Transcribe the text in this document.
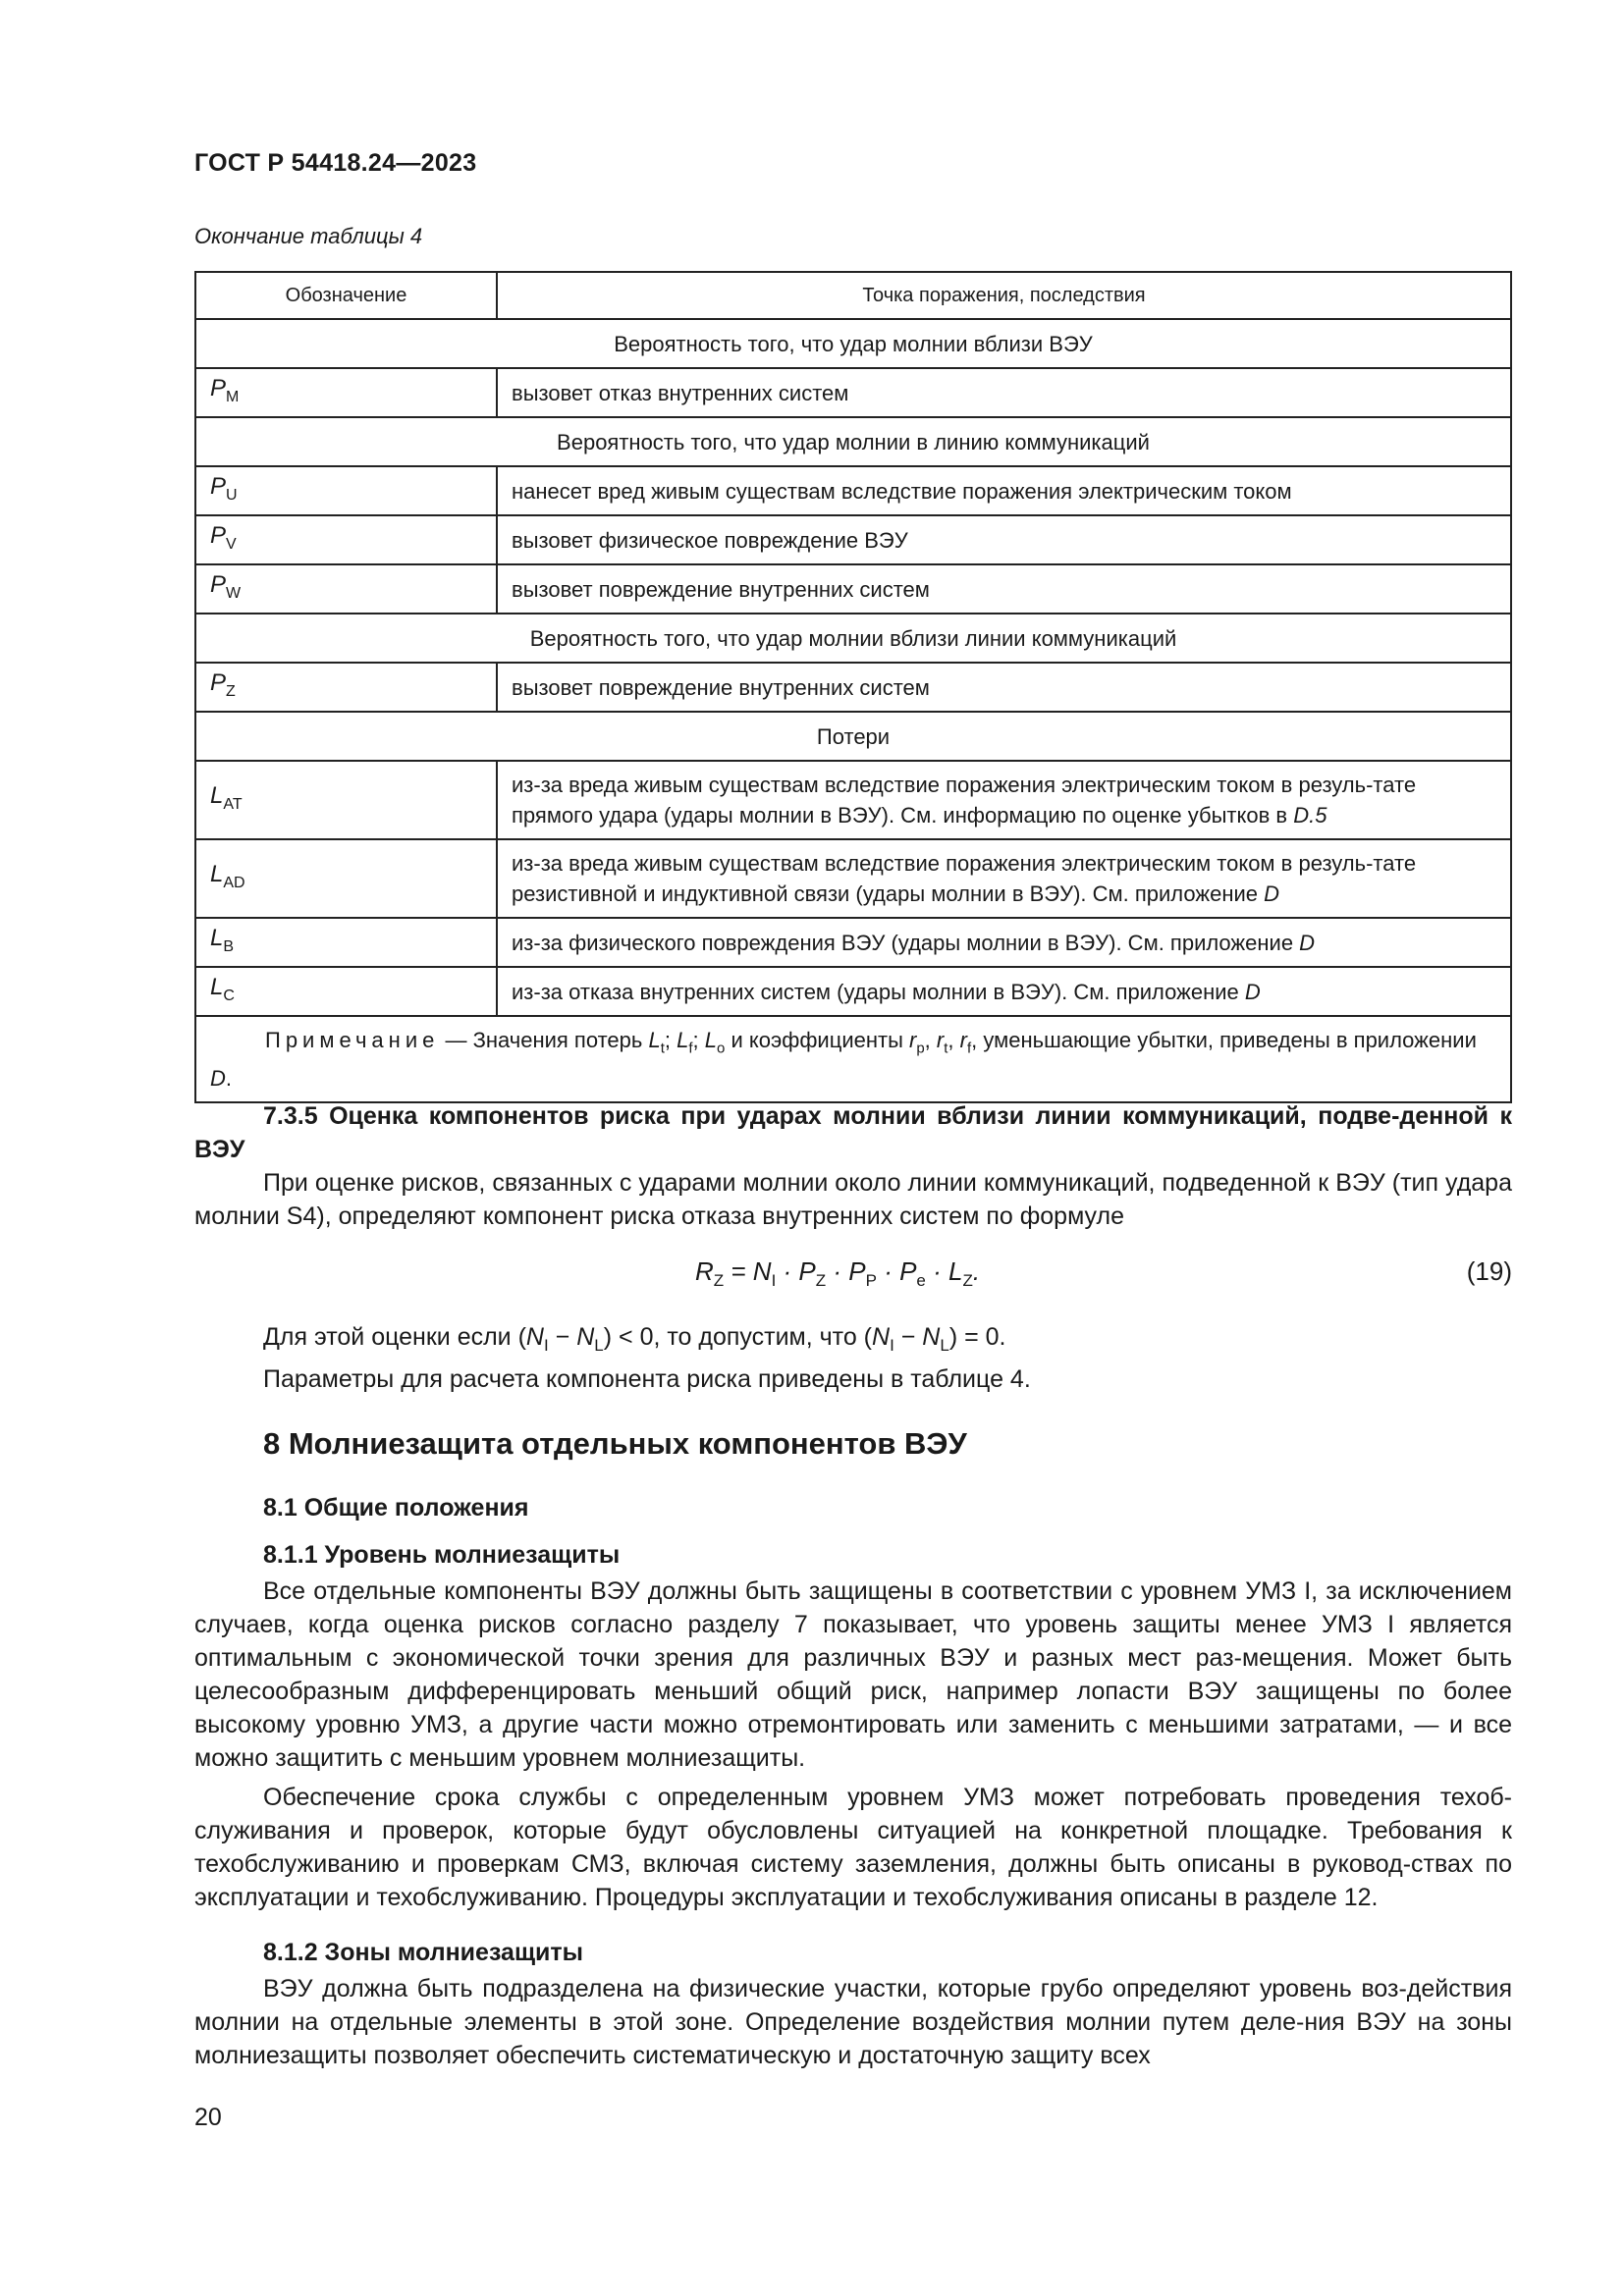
ГОСТ Р 54418.24—2023
Окончание таблицы 4
Обозначение	Точка поражения, последствия
Вероятность того, что удар молнии вблизи ВЭУ	
$P_M$	вызовет отказ внутренних систем
Вероятность того, что удар молнии в линию коммуникаций	
$P_U$	нанесет вред живым существам вследствие поражения электрическим током
$P_V$	вызовет физическое повреждение ВЭУ
$P_W$	вызовет повреждение внутренних систем
Вероятность того, что удар молнии вблизи линии коммуникаций	
$P_Z$	вызовет повреждение внутренних систем
Потери	
$L_{AT}$	из-за вреда живым существам вследствие поражения электрическим током в резуль-тате прямого удара (удары молнии в ВЭУ). См. информацию по оценке убытков в D.5
$L_{AD}$	из-за вреда живым существам вследствие поражения электрическим током в резуль-тате резистивной и индуктивной связи (удары молнии в ВЭУ). См. приложение D
$L_B$	из-за физического повреждения ВЭУ (удары молнии в ВЭУ). См. приложение D
$L_C$	из-за отказа внутренних систем (удары молнии в ВЭУ). См. приложение D
Примечание — Значения потерь $L_t$; $L_f$; $L_o$ и коэффициенты $r_p$, $r_t$, $r_f$, уменьшающие убытки, приведены в приложении D.	

7.3.5 Оценка компонентов риска при ударах молнии вблизи линии коммуникаций, подве-денной к ВЭУ

При оценке рисков, связанных с ударами молнии около линии коммуникаций, подведенной к ВЭУ (тип удара молнии S4), определяют компонент риска отказа внутренних систем по формуле

$R_Z = N_I \cdot P_Z \cdot P_P \cdot P_e \cdot L_Z$.	(19)

Для этой оценки если $(N_I - N_L) < 0$, то допустим, что $(N_I - N_L) = 0$.

Параметры для расчета компонента риска приведены в таблице 4.

8 Молниезащита отдельных компонентов ВЭУ
8.1 Общие положения
8.1.1 Уровень молниезащиты

Все отдельные компоненты ВЭУ должны быть защищены в соответствии с уровнем УМЗ I, за исключением случаев, когда оценка рисков согласно разделу 7 показывает, что уровень защиты менее УМЗ I является оптимальным с экономической точки зрения для различных ВЭУ и разных мест раз-мещения. Может быть целесообразным дифференцировать меньший общий риск, например лопасти ВЭУ защищены по более высокому уровню УМЗ, а другие части можно отремонтировать или заменить с меньшими затратами, — и все можно защитить с меньшим уровнем молниезащиты.

Обеспечение срока службы с определенным уровнем УМЗ может потребовать проведения техоб-служивания и проверок, которые будут обусловлены ситуацией на конкретной площадке. Требования к техобслуживанию и проверкам СМЗ, включая систему заземления, должны быть описаны в руковод-ствах по эксплуатации и техобслуживанию. Процедуры эксплуатации и техобслуживания описаны в разделе 12.

8.1.2 Зоны молниезащиты

ВЭУ должна быть подразделена на физические участки, которые грубо определяют уровень воз-действия молнии на отдельные элементы в этой зоне. Определение воздействия молнии путем деле-ния ВЭУ на зоны молниезащиты позволяет обеспечить систематическую и достаточную защиту всех

20
